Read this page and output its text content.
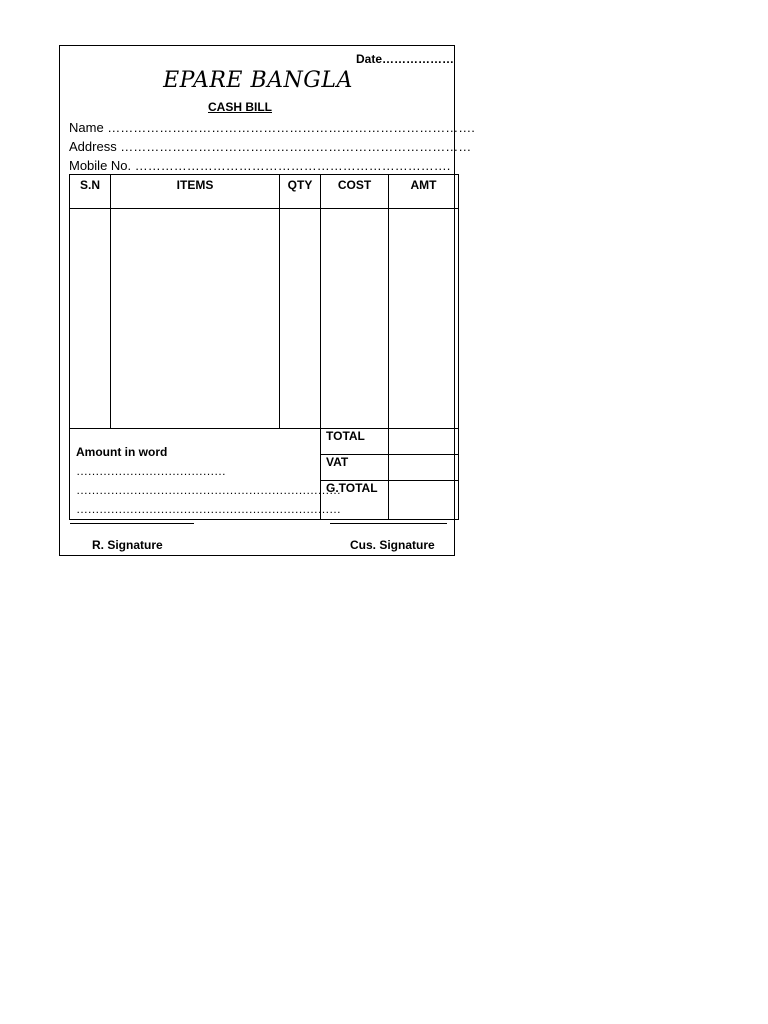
Date………………
EPARE BANGLA
CASH BILL
Name ………………………………………………………………………….
Address ………………………………………………………………………
Mobile No. ……………………………………………………………….
S.N	ITEMS	QTY	COST	AMT

Amount in word …………………………………
……………………………………………………………
……………………………………………………………			TOTAL	
			VAT	
			G.TOTAL	
R. Signature	Cus. Signature
